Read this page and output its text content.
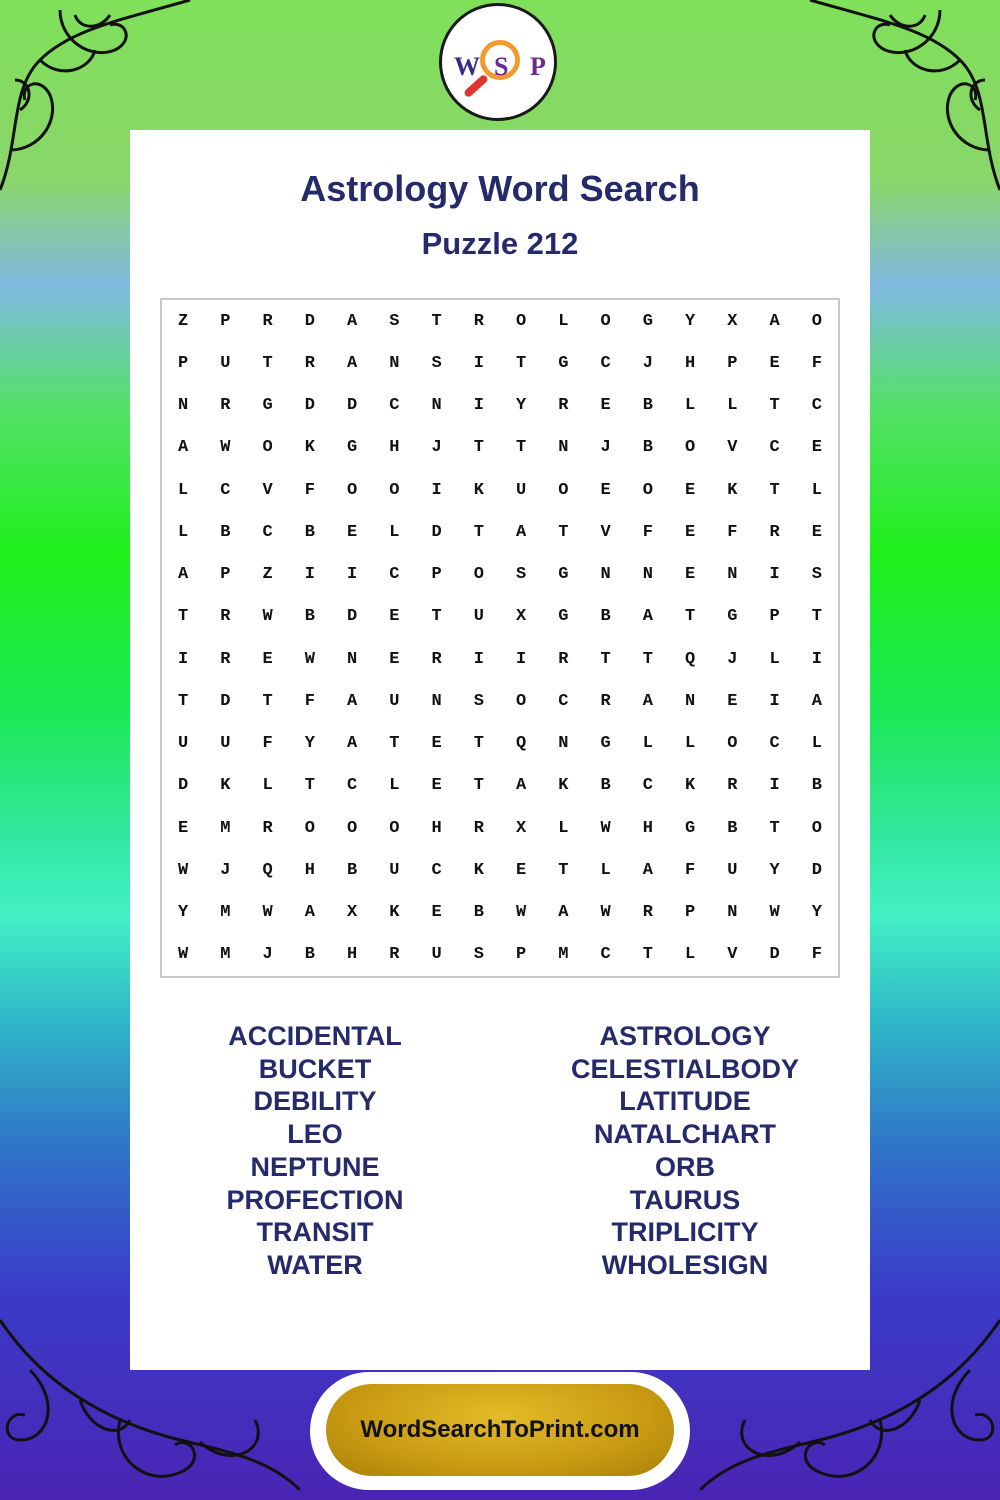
W S P
Astrology Word Search
Puzzle 212
Z	P	R	D	A	S	T	R	O	L	O	G	Y	X	A	O
P	U	T	R	A	N	S	I	T	G	C	J	H	P	E	F
N	R	G	D	D	C	N	I	Y	R	E	B	L	L	T	C
A	W	O	K	G	H	J	T	T	N	J	B	O	V	C	E
L	C	V	F	O	O	I	K	U	O	E	O	E	K	T	L
L	B	C	B	E	L	D	T	A	T	V	F	E	F	R	E
A	P	Z	I	I	C	P	O	S	G	N	N	E	N	I	S
T	R	W	B	D	E	T	U	X	G	B	A	T	G	P	T
I	R	E	W	N	E	R	I	I	R	T	T	Q	J	L	I
T	D	T	F	A	U	N	S	O	C	R	A	N	E	I	A
U	U	F	Y	A	T	E	T	Q	N	G	L	L	O	C	L
D	K	L	T	C	L	E	T	A	K	B	C	K	R	I	B
E	M	R	O	O	O	H	R	X	L	W	H	G	B	T	O
W	J	Q	H	B	U	C	K	E	T	L	A	F	U	Y	D
Y	M	W	A	X	K	E	B	W	A	W	R	P	N	W	Y
W	M	J	B	H	R	U	S	P	M	C	T	L	V	D	F
ACCIDENTAL
BUCKET
DEBILITY
LEO
NEPTUNE
PROFECTION
TRANSIT
WATER
ASTROLOGY
CELESTIALBODY
LATITUDE
NATALCHART
ORB
TAURUS
TRIPLICITY
WHOLESIGN
WordSearchToPrint.com
